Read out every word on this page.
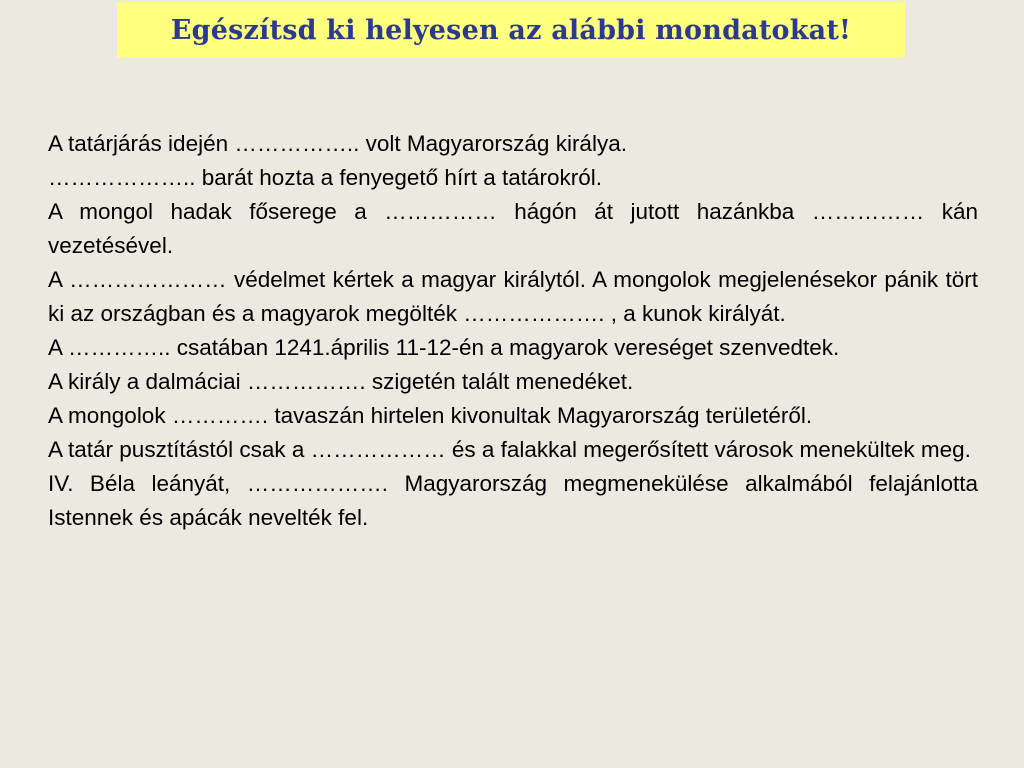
Egészítsd ki helyesen az alábbi mondatokat!

A tatárjárás idején …………….. volt Magyarország királya.

……………….. barát hozta a fenyegető hírt a tatárokról.

A mongol hadak főserege a …………… hágón át jutott hazánkba …………… kán vezetésével.

A ………………… védelmet kértek a magyar királytól. A mongolok megjelenésekor pánik tört ki az országban és a magyarok megölték ………………. , a kunok királyát.

A ………….. csatában 1241.április 11-12-én a magyarok vereséget szenvedtek.

A király a dalmáciai ……………. szigetén talált menedéket.

A mongolok …………. tavaszán hirtelen kivonultak Magyarország területéről.

A tatár pusztítástól csak a ……………… és a falakkal megerősített városok menekültek meg.

IV. Béla leányát, ………………. Magyarország megmenekülése alkalmából felajánlotta Istennek és apácák nevelték fel.
